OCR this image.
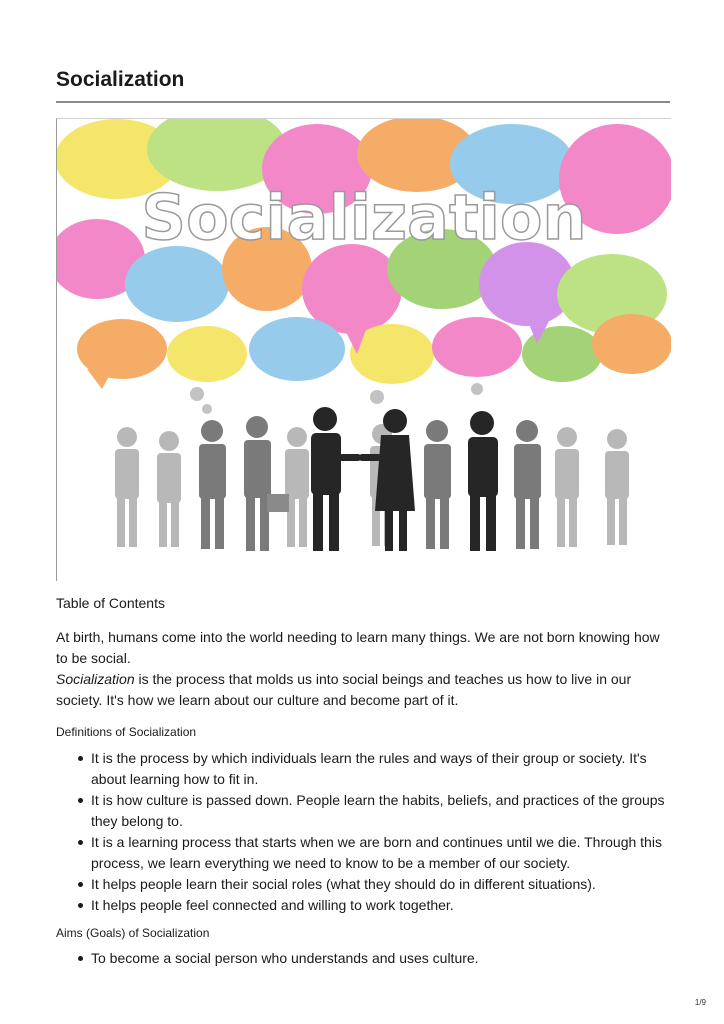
Socialization
Socialization
Table of Contents

At birth, humans come into the world needing to learn many things. We are not born knowing how to be social.

Socialization is the process that molds us into social beings and teaches us how to live in our society. It's how we learn about our culture and become part of it.

Definitions of Socialization
It is the process by which individuals learn the rules and ways of their group or society. It's about learning how to fit in.
It is how culture is passed down. People learn the habits, beliefs, and practices of the groups they belong to.
It is a learning process that starts when we are born and continues until we die. Through this process, we learn everything we need to know to be a member of our society.
It helps people learn their social roles (what they should do in different situations).
It helps people feel connected and willing to work together.
Aims (Goals) of Socialization
To become a social person who understands and uses culture.
1/9
